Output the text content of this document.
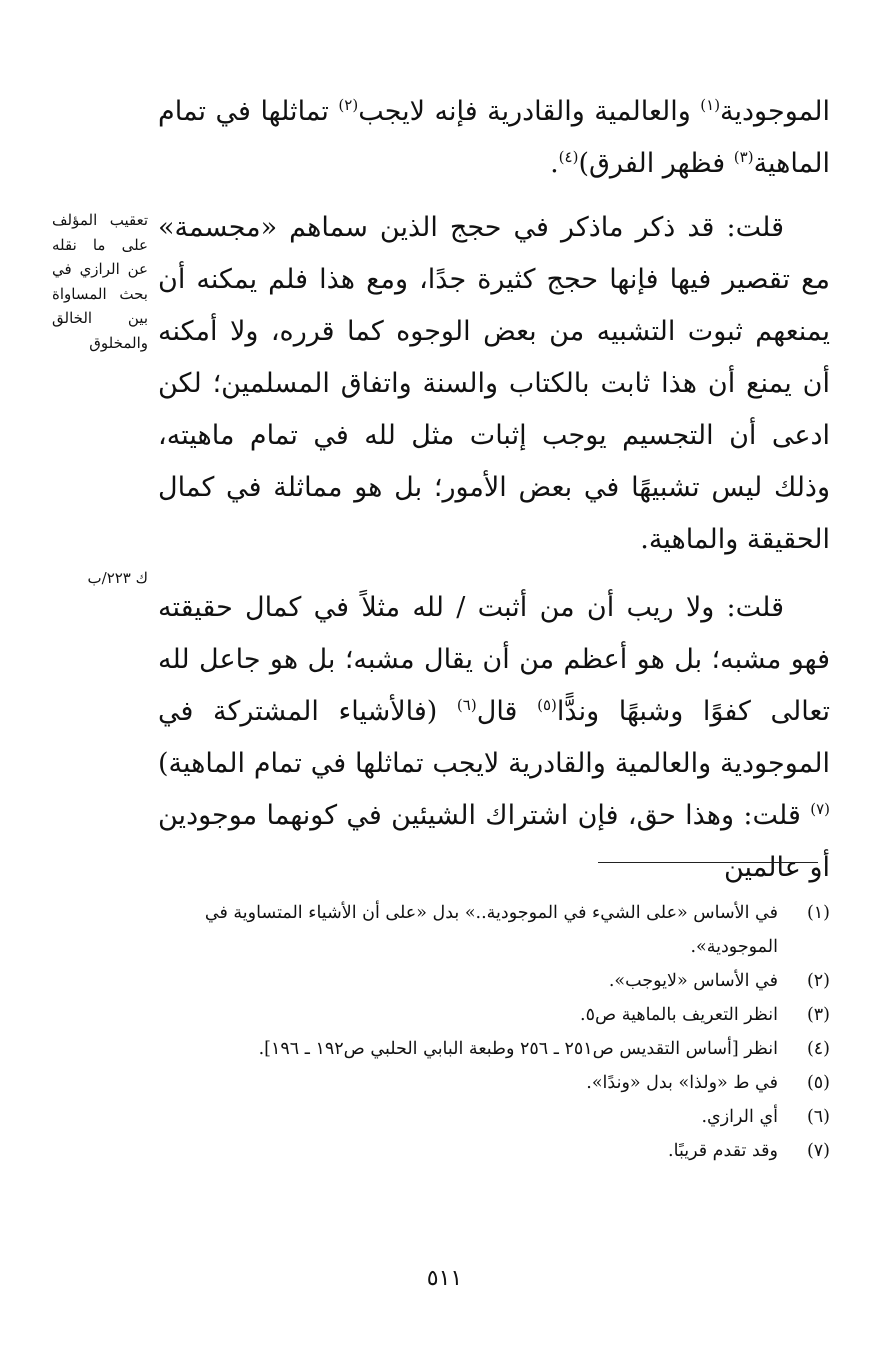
الموجودية$^{(١)}$ والعالمية والقادرية فإنه لايجب$^{(٢)}$ تماثلها في تمام الماهية$^{(٣)}$ فظهر الفرق)$^{(٤)}$.

قلت: قد ذكر ماذكر في حجج الذين سماهم «مجسمة» مع تقصير فيها فإنها حجج كثيرة جدًا، ومع هذا فلم يمكنه أن يمنعهم ثبوت التشبيه من بعض الوجوه كما قرره، ولا أمكنه أن يمنع أن هذا ثابت بالكتاب والسنة واتفاق المسلمين؛ لكن ادعى أن التجسيم يوجب إثبات مثل لله في تمام ماهيته، وذلك ليس تشبيهًا في بعض الأمور؛ بل هو مماثلة في كمال الحقيقة والماهية.

قلت: ولا ريب أن من أثبت / لله مثلاً في كمال حقيقته فهو مشبه؛ بل هو أعظم من أن يقال مشبه؛ بل هو جاعل لله تعالى كفوًا وشبهًا وندًّا$^{(٥)}$ قال$^{(٦)}$ (فالأشياء المشتركة في الموجودية والعالمية والقادرية لايجب تماثلها في تمام الماهية)$^{(٧)}$ قلت: وهذا حق، فإن اشتراك الشيئين في كونهما موجودين أو عالمين

تعقيب المؤلف على ما نقله عن الرازي في بحث المساواة بين الخالق والمخلوق
ك ٢٢٣/ب
(١)
في الأساس «على الشيء في الموجودية..» بدل «على أن الأشياء المتساوية في الموجودية».
(٢)
في الأساس «لايوجب».
(٣)
انظر التعريف بالماهية ص٥.
(٤)
انظر [أساس التقديس ص٢٥١ ـ ٢٥٦ وطبعة البابي الحلبي ص١٩٢ ـ ١٩٦].
(٥)
في ط «ولذا» بدل «وندًا».
(٦)
أي الرازي.
(٧)
وقد تقدم قريبًا.
٥١١
